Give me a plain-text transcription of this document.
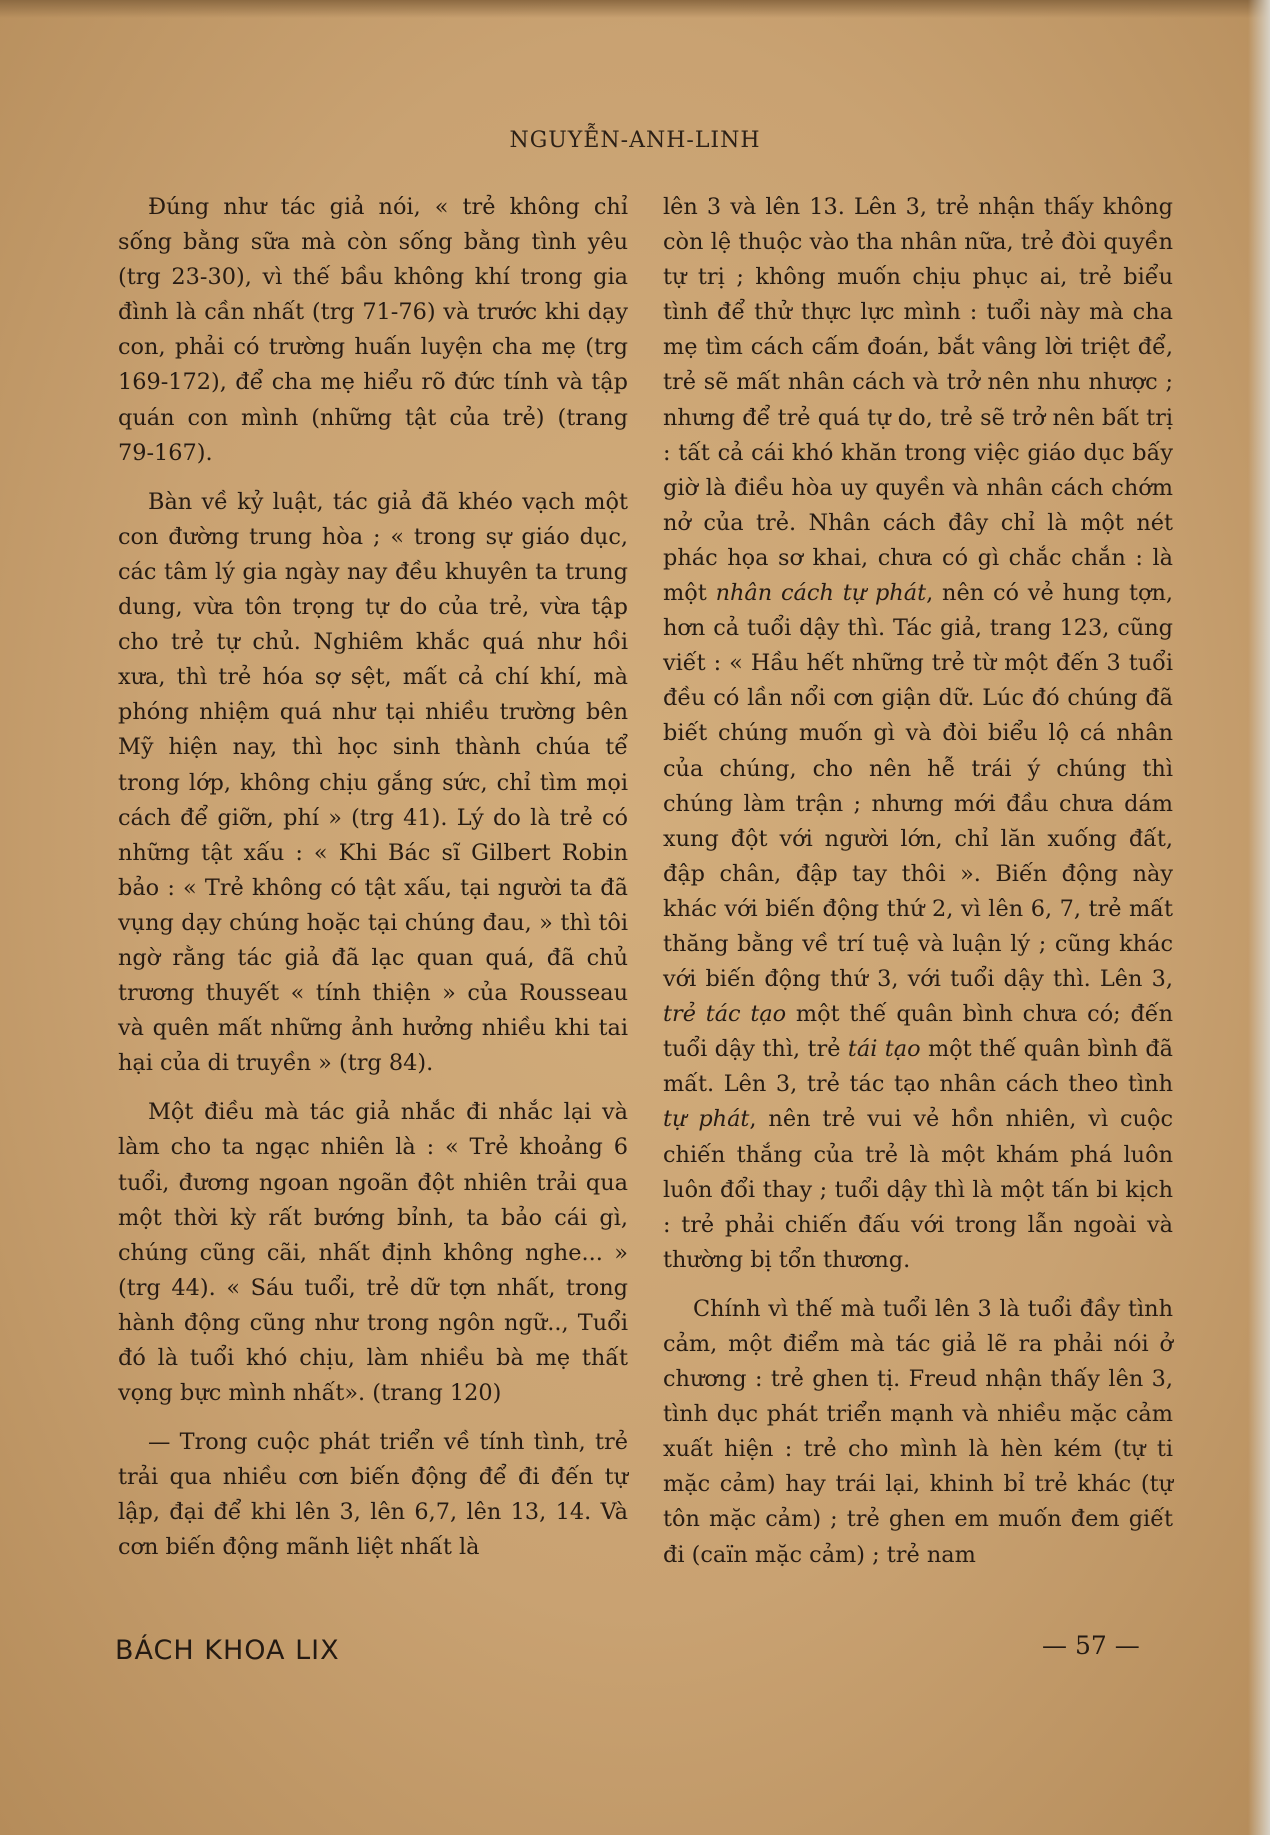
NGUYỄN-ANH-LINH

Đúng như tác giả nói, « trẻ không chỉ sống bằng sữa mà còn sống bằng tình yêu (trg 23-30), vì thế bầu không khí trong gia đình là cần nhất (trg 71-76) và trước khi dạy con, phải có trường huấn luyện cha mẹ (trg 169-172), để cha mẹ hiểu rõ đức tính và tập quán con mình (những tật của trẻ) (trang 79-167).

Bàn về kỷ luật, tác giả đã khéo vạch một con đường trung hòa ; « trong sự giáo dục, các tâm lý gia ngày nay đều khuyên ta trung dung, vừa tôn trọng tự do của trẻ, vừa tập cho trẻ tự chủ. Nghiêm khắc quá như hồi xưa, thì trẻ hóa sợ sệt, mất cả chí khí, mà phóng nhiệm quá như tại nhiều trường bên Mỹ hiện nay, thì học sinh thành chúa tể trong lớp, không chịu gắng sức, chỉ tìm mọi cách để giỡn, phí » (trg 41). Lý do là trẻ có những tật xấu : « Khi Bác sĩ Gilbert Robin bảo : « Trẻ không có tật xấu, tại người ta đã vụng dạy chúng hoặc tại chúng đau, » thì tôi ngờ rằng tác giả đã lạc quan quá, đã chủ trương thuyết « tính thiện » của Rousseau và quên mất những ảnh hưởng nhiều khi tai hại của di truyền » (trg 84).

Một điều mà tác giả nhắc đi nhắc lại và làm cho ta ngạc nhiên là : « Trẻ khoảng 6 tuổi, đương ngoan ngoãn đột nhiên trải qua một thời kỳ rất bướng bỉnh, ta bảo cái gì, chúng cũng cãi, nhất định không nghe... » (trg 44). « Sáu tuổi, trẻ dữ tợn nhất, trong hành động cũng như trong ngôn ngữ.., Tuổi đó là tuổi khó chịu, làm nhiều bà mẹ thất vọng bực mình nhất». (trang 120)

— Trong cuộc phát triển về tính tình, trẻ trải qua nhiều cơn biến động để đi đến tự lập, đại để khi lên 3, lên 6,7, lên 13, 14. Và cơn biến động mãnh liệt nhất là

lên 3 và lên 13. Lên 3, trẻ nhận thấy không còn lệ thuộc vào tha nhân nữa, trẻ đòi quyền tự trị ; không muốn chịu phục ai, trẻ biểu tình để thử thực lực mình : tuổi này mà cha mẹ tìm cách cấm đoán, bắt vâng lời triệt để, trẻ sẽ mất nhân cách và trở nên nhu nhược ; nhưng để trẻ quá tự do, trẻ sẽ trở nên bất trị : tất cả cái khó khăn trong việc giáo dục bấy giờ là điều hòa uy quyền và nhân cách chớm nở của trẻ. Nhân cách đây chỉ là một nét phác họa sơ khai, chưa có gì chắc chắn : là một nhân cách tự phát, nên có vẻ hung tợn, hơn cả tuổi dậy thì. Tác giả, trang 123, cũng viết : « Hầu hết những trẻ từ một đến 3 tuổi đều có lần nổi cơn giận dữ. Lúc đó chúng đã biết chúng muốn gì và đòi biểu lộ cá nhân của chúng, cho nên hễ trái ý chúng thì chúng làm trận ; nhưng mới đầu chưa dám xung đột với người lớn, chỉ lăn xuống đất, đập chân, đập tay thôi ». Biến động này khác với biến động thứ 2, vì lên 6, 7, trẻ mất thăng bằng về trí tuệ và luận lý ; cũng khác với biến động thứ 3, với tuổi dậy thì. Lên 3, trẻ tác tạo một thế quân bình chưa có; đến tuổi dậy thì, trẻ tái tạo một thế quân bình đã mất. Lên 3, trẻ tác tạo nhân cách theo tình tự phát, nên trẻ vui vẻ hồn nhiên, vì cuộc chiến thắng của trẻ là một khám phá luôn luôn đổi thay ; tuổi dậy thì là một tấn bi kịch : trẻ phải chiến đấu với trong lẫn ngoài và thường bị tổn thương.

Chính vì thế mà tuổi lên 3 là tuổi đầy tình cảm, một điểm mà tác giả lẽ ra phải nói ở chương : trẻ ghen tị. Freud nhận thấy lên 3, tình dục phát triển mạnh và nhiều mặc cảm xuất hiện : trẻ cho mình là hèn kém (tự ti mặc cảm) hay trái lại, khinh bỉ trẻ khác (tự tôn mặc cảm) ; trẻ ghen em muốn đem giết đi (caïn mặc cảm) ; trẻ nam

BÁCH KHOA LIX	— 57 —
